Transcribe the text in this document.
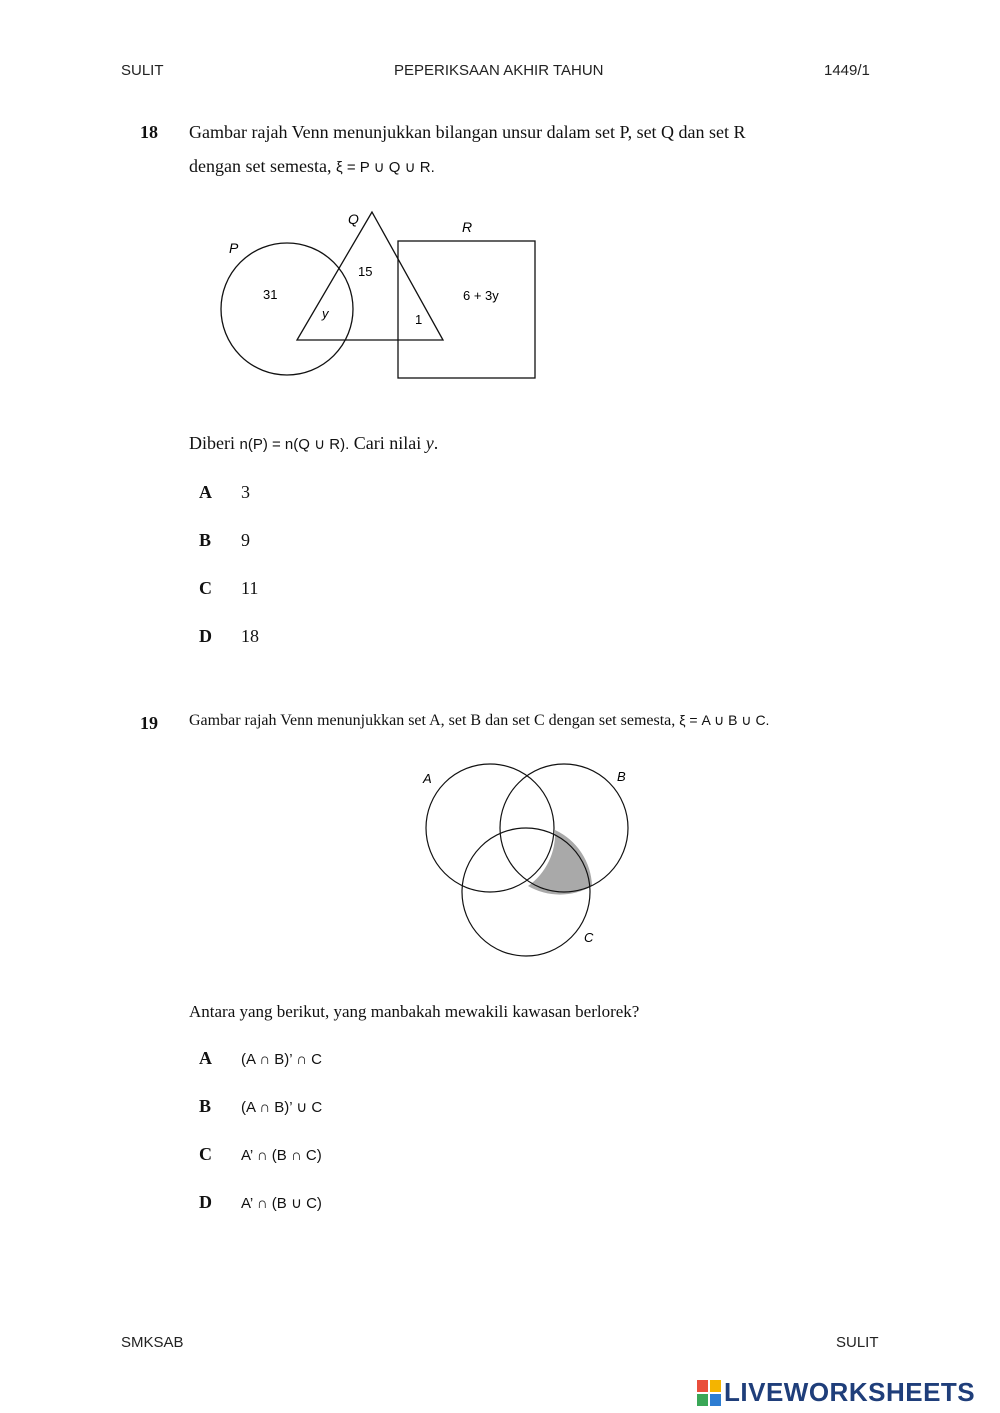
SULIT	PEPERIKSAAN AKHIR TAHUN	1449/1
18 Gambar rajah Venn menunjukkan bilangan unsur dalam set P, set Q dan set R
dengan set semesta, ξ = P ∪ Q ∪ R.
P
Q	R
31
15
y	1
6 + 3y
Diberi n(P) = n(Q ∪ R). Cari nilai y.
A 3
B 9
C 11
D 18
19 Gambar rajah Venn menunjukkan set A, set B dan set C dengan set semesta, ξ = A ∪ B ∪ C.
A	B
C
Antara yang berikut, yang manbakah mewakili kawasan berlorek?
A (A ∩ B)’ ∩ C
B (A ∩ B)’ ∪ C
C A’ ∩ (B ∩ C)
D A’ ∩ (B ∪ C)
SMKSAB	SULIT
LIVEWORKSHEETS
